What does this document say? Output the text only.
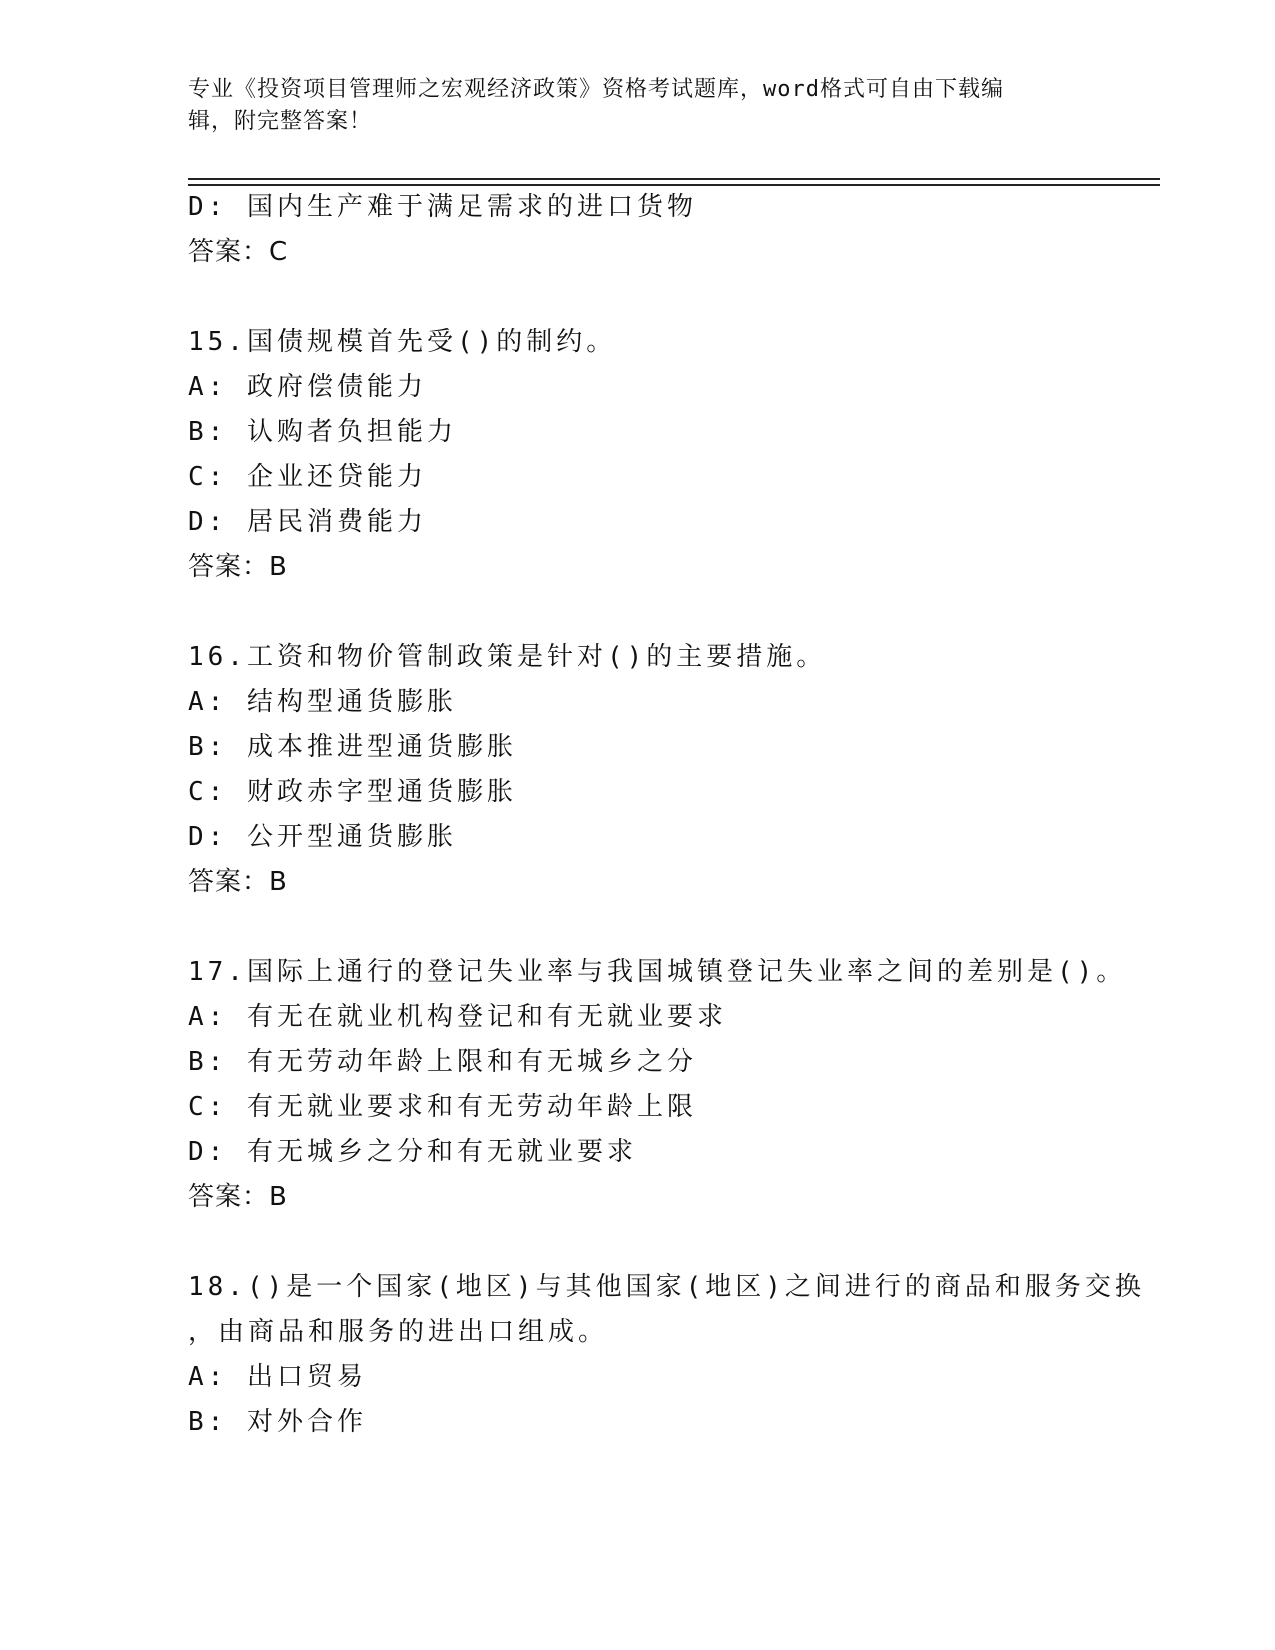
专业《投资项目管理师之宏观经济政策》资格考试题库，word格式可自由下载编
辑，附完整答案！
D: 国内生产难于满足需求的进口货物
答案：C
15.国债规模首先受()的制约。
A: 政府偿债能力
B: 认购者负担能力
C: 企业还贷能力
D: 居民消费能力
答案：B
16.工资和物价管制政策是针对()的主要措施。
A: 结构型通货膨胀
B: 成本推进型通货膨胀
C: 财政赤字型通货膨胀
D: 公开型通货膨胀
答案：B
17.国际上通行的登记失业率与我国城镇登记失业率之间的差别是()。
A: 有无在就业机构登记和有无就业要求
B: 有无劳动年龄上限和有无城乡之分
C: 有无就业要求和有无劳动年龄上限
D: 有无城乡之分和有无就业要求
答案：B
18.()是一个国家(地区)与其他国家(地区)之间进行的商品和服务交换
，由商品和服务的进出口组成。
A: 出口贸易
B: 对外合作
